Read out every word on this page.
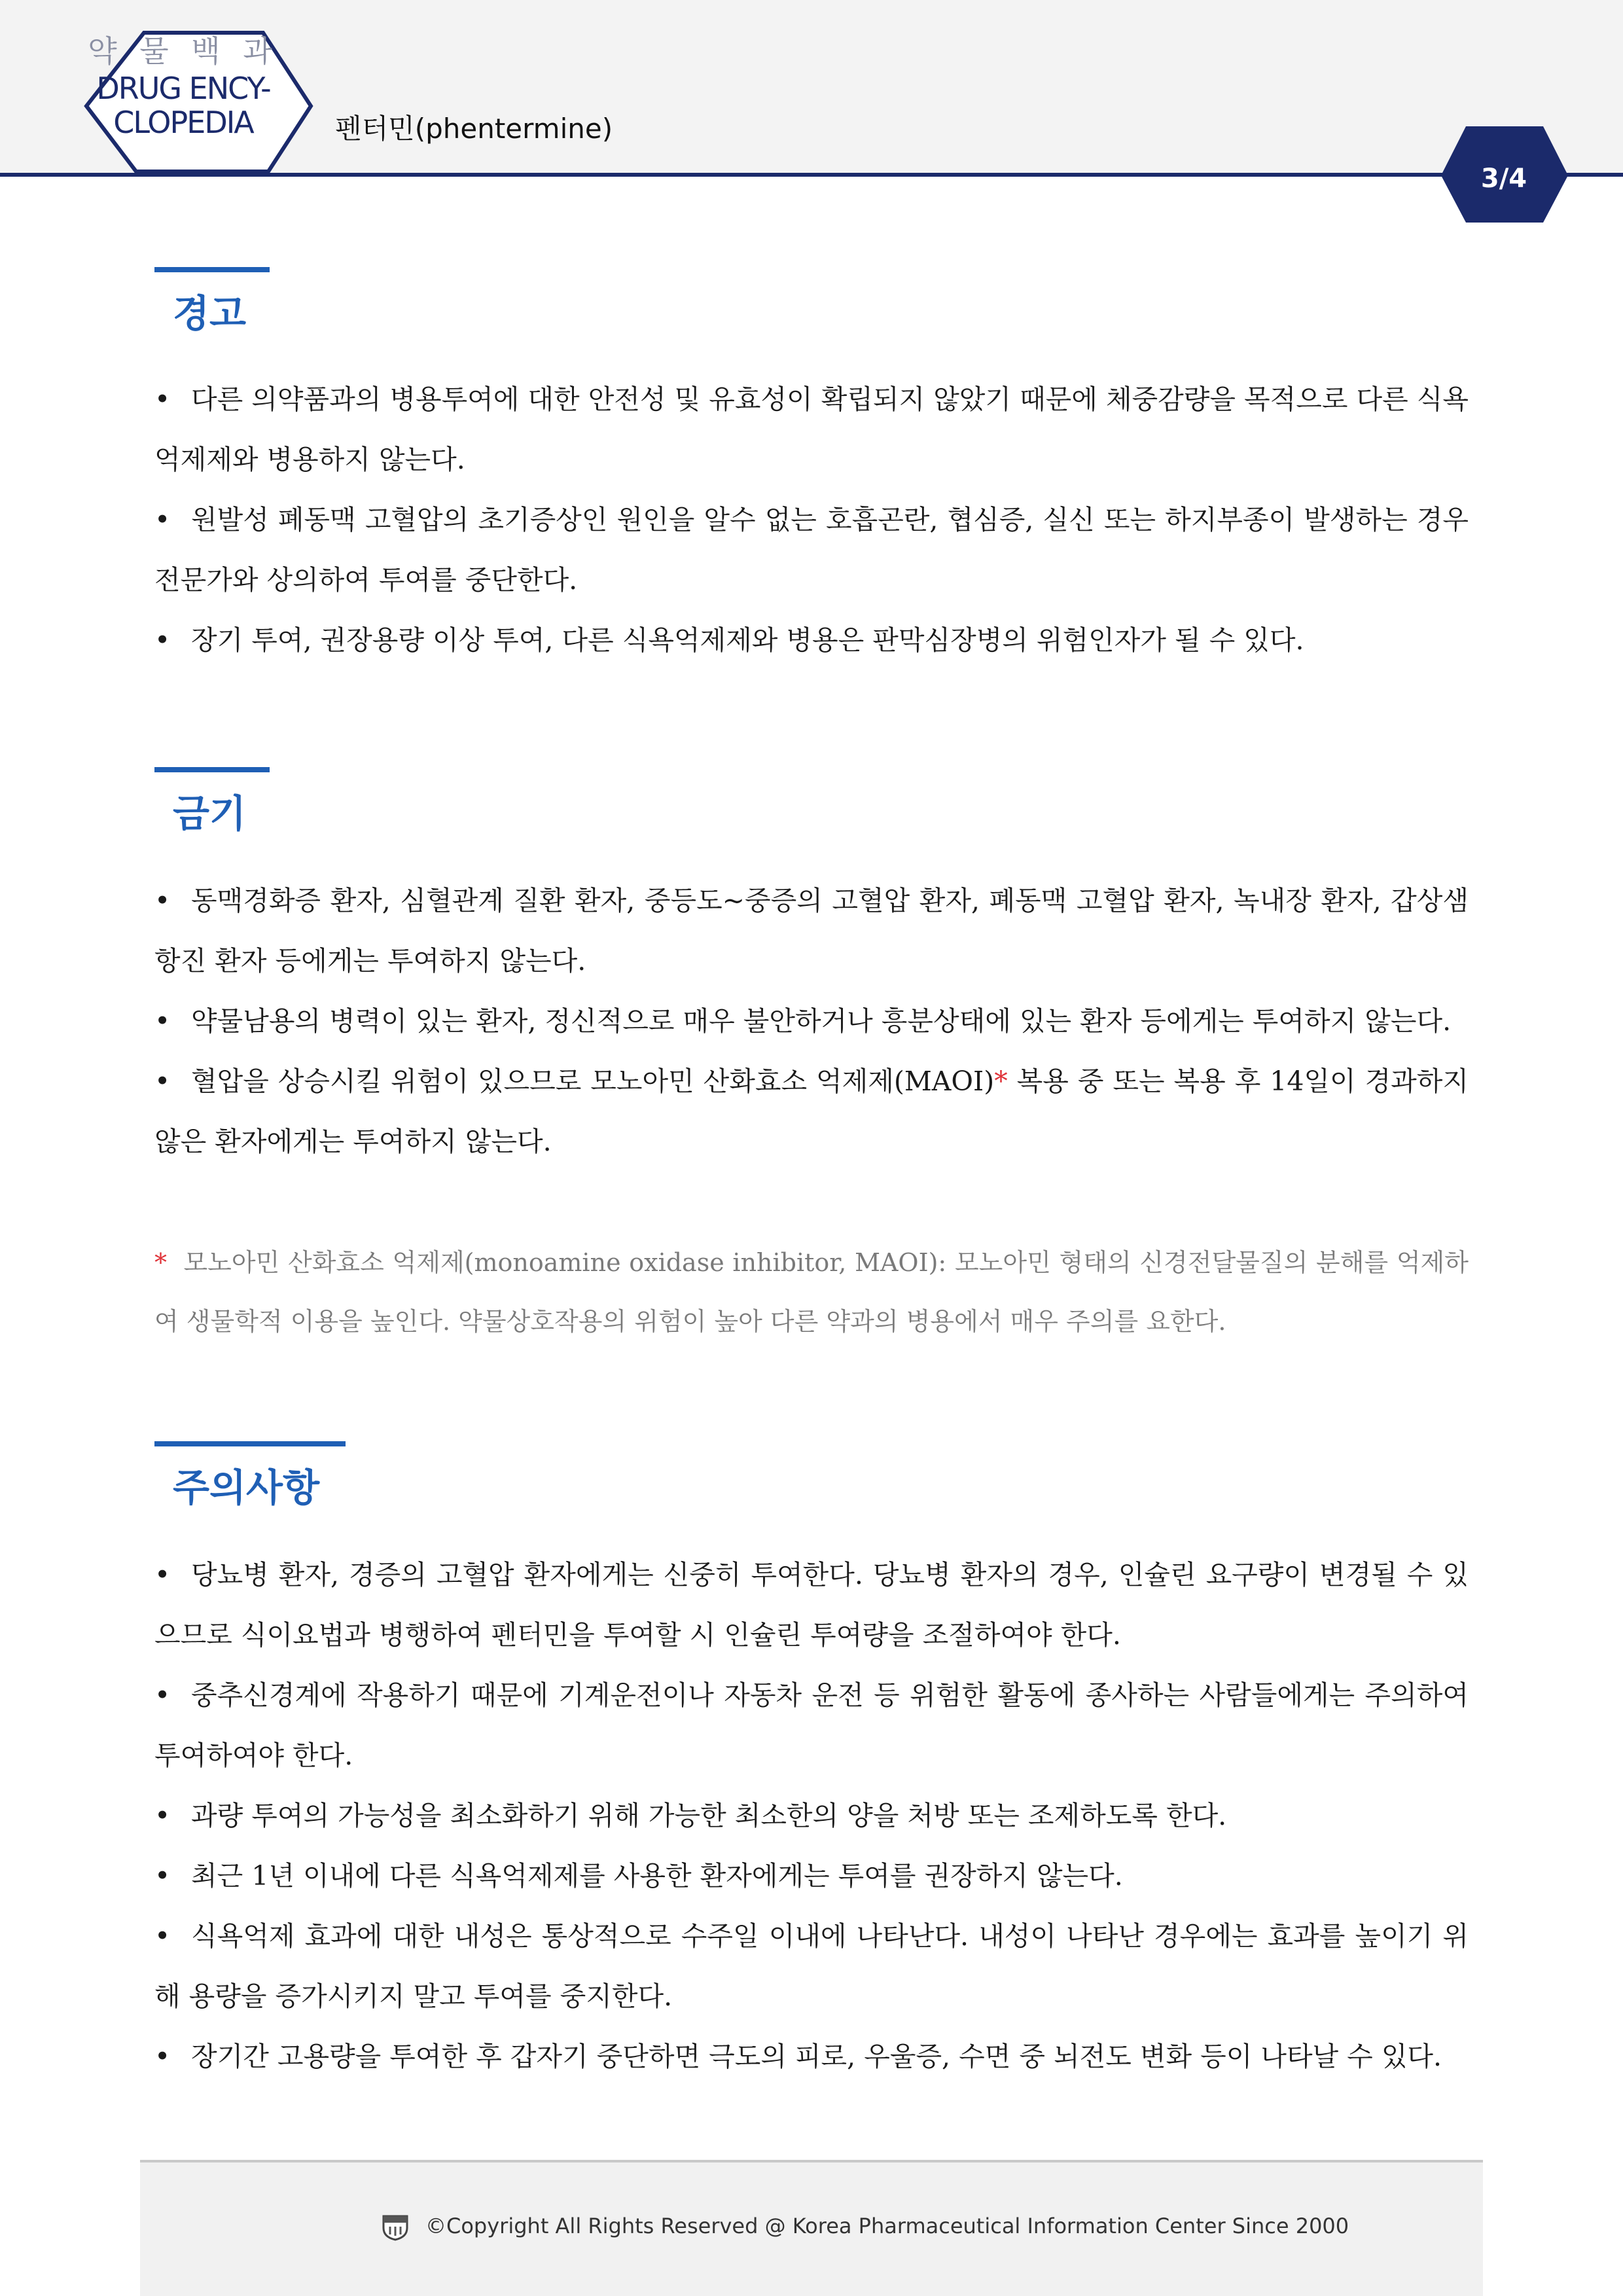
약 물 백 과
DRUG ENCY-
CLOPEDIA	펜터민(phentermine)
3/4
경고

• 다른 의약품과의 병용투여에 대한 안전성 및 유효성이 확립되지 않았기 때문에 체중감량을 목적으로 다른 식욕억제제와 병용하지 않는다.

• 원발성 폐동맥 고혈압의 초기증상인 원인을 알수 없는 호흡곤란, 협심증, 실신 또는 하지부종이 발생하는 경우 전문가와 상의하여 투여를 중단한다.

• 장기 투여, 권장용량 이상 투여, 다른 식욕억제제와 병용은 판막심장병의 위험인자가 될 수 있다.

금기

• 동맥경화증 환자, 심혈관계 질환 환자, 중등도~중증의 고혈압 환자, 폐동맥 고혈압 환자, 녹내장 환자, 갑상샘 항진 환자 등에게는 투여하지 않는다.

• 약물남용의 병력이 있는 환자, 정신적으로 매우 불안하거나 흥분상태에 있는 환자 등에게는 투여하지 않는다.

• 혈압을 상승시킬 위험이 있으므로 모노아민 산화효소 억제제(MAOI)* 복용 중 또는 복용 후 14일이 경과하지 않은 환자에게는 투여하지 않는다.

* 모노아민 산화효소 억제제(monoamine oxidase inhibitor, MAOI): 모노아민 형태의 신경전달물질의 분해를 억제하여 생물학적 이용을 높인다. 약물상호작용의 위험이 높아 다른 약과의 병용에서 매우 주의를 요한다.

주의사항

• 당뇨병 환자, 경증의 고혈압 환자에게는 신중히 투여한다. 당뇨병 환자의 경우, 인슐린 요구량이 변경될 수 있으므로 식이요법과 병행하여 펜터민을 투여할 시 인슐린 투여량을 조절하여야 한다.

• 중추신경계에 작용하기 때문에 기계운전이나 자동차 운전 등 위험한 활동에 종사하는 사람들에게는 주의하여 투여하여야 한다.

• 과량 투여의 가능성을 최소화하기 위해 가능한 최소한의 양을 처방 또는 조제하도록 한다.

• 최근 1년 이내에 다른 식욕억제제를 사용한 환자에게는 투여를 권장하지 않는다.

• 식욕억제 효과에 대한 내성은 통상적으로 수주일 이내에 나타난다. 내성이 나타난 경우에는 효과를 높이기 위해 용량을 증가시키지 말고 투여를 중지한다.

• 장기간 고용량을 투여한 후 갑자기 중단하면 극도의 피로, 우울증, 수면 중 뇌전도 변화 등이 나타날 수 있다.

©Copyright All Rights Reserved @ Korea Pharmaceutical Information Center Since 2000
